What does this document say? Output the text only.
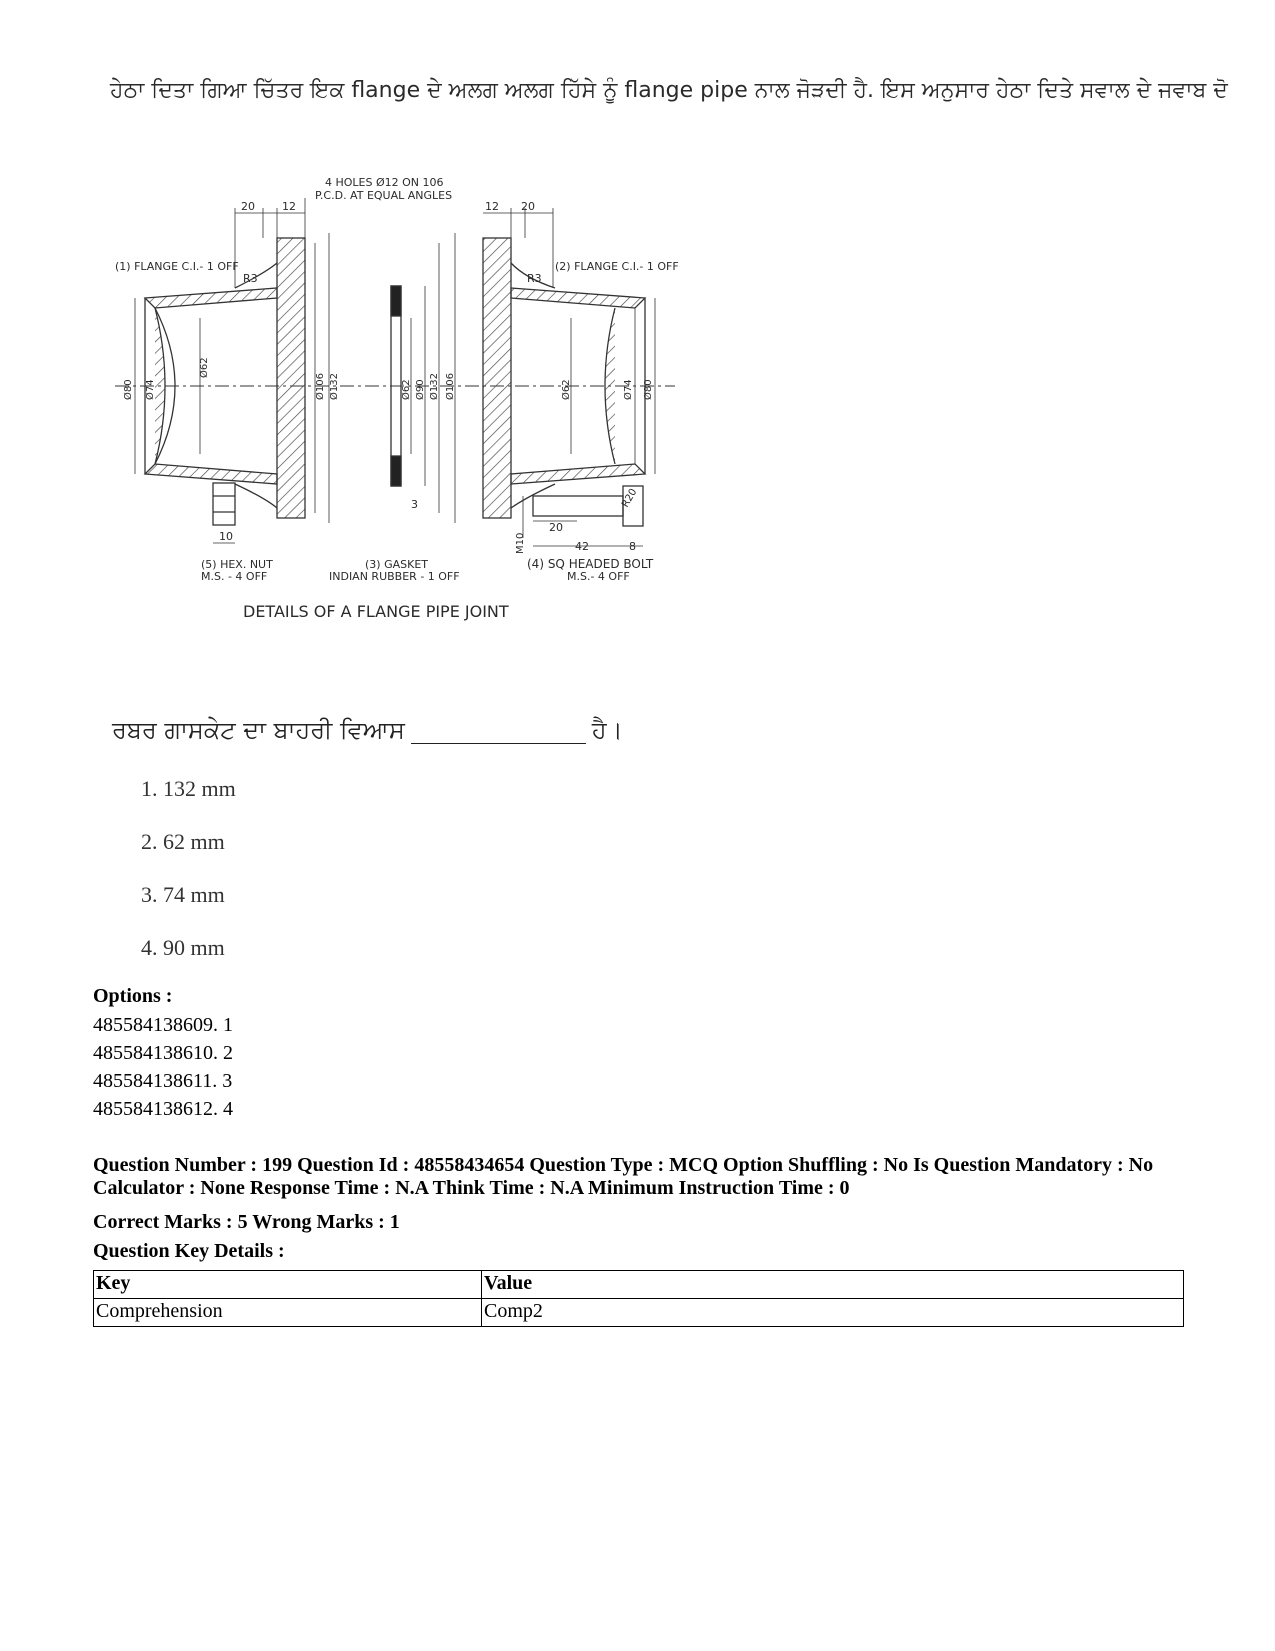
ਹੇਠਾ ਦਿਤਾ ਗਿਆ ਚਿੱਤਰ ਇਕ flange ਦੇ ਅਲਗ ਅਲਗ ਹਿੱਸੇ ਨੂੰ flange pipe ਨਾਲ ਜੋੜਦੀ ਹੈ. ਇਸ ਅਨੁਸਾਰ ਹੇਠਾ ਦਿਤੇ ਸਵਾਲ ਦੇ ਜਵਾਬ ਦੋ
4 HOLES Ø12 ON 106
P.C.D. AT EQUAL ANGLES
20 12	12 20
(1) FLANGE C.I.- 1 OFF	(2) FLANGE C.I.- 1 OFF
R3	R3
Ø80 Ø74
Ø62
Ø106 Ø132	Ø62 Ø90 Ø132 Ø106	Ø62	Ø74 Ø80
M10
R20
10
3
20
42	8
(5) HEX. NUT
M.S. - 4 OFF
(3) GASKET
INDIAN RUBBER - 1 OFF
(4) SQ HEADED BOLT
M.S.- 4 OFF
DETAILS OF A FLANGE PIPE JOINT
ਰਬਰ ਗਾਸਕੇਟ ਦਾ ਬਾਹਰੀ ਵਿਆਸ	ਹੈ।
1. 132 mm
2. 62 mm
3. 74 mm
4. 90 mm
Options :
485584138609. 1
485584138610. 2
485584138611. 3
485584138612. 4
Question Number : 199 Question Id : 48558434654 Question Type : MCQ Option Shuffling : No Is Question Mandatory : No Calculator : None Response Time : N.A Think Time : N.A Minimum Instruction Time : 0
Correct Marks : 5 Wrong Marks : 1
Question Key Details :
Key	Value
Comprehension	Comp2
